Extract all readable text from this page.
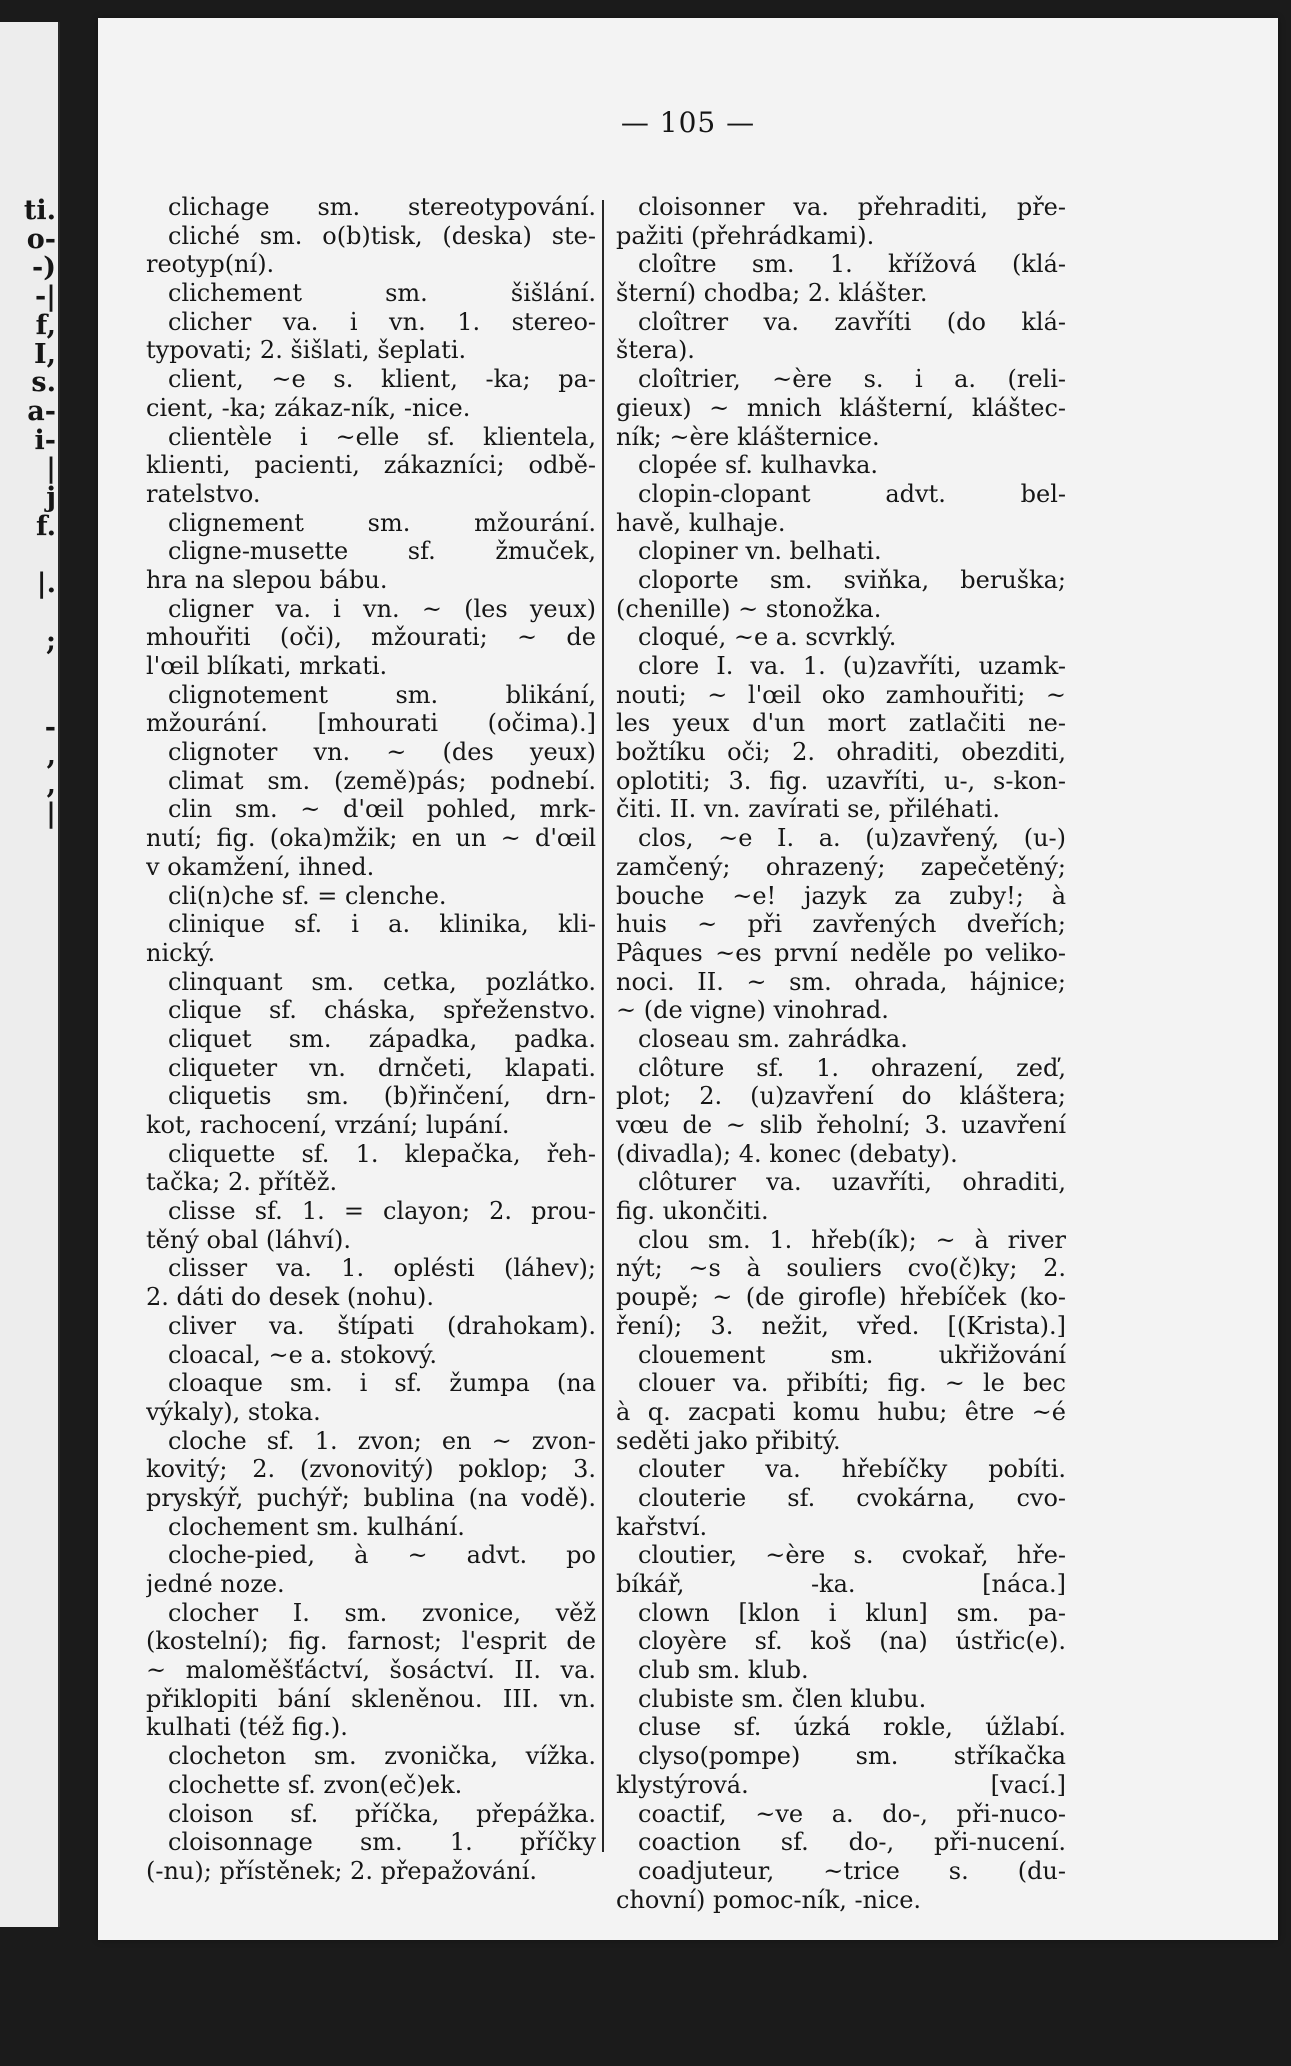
ti.
o-
-)
-|
f,
I,
s.
a-
i-
|
j
f.
|.
;
-
,
,
|
— 105 —
clichage sm. stereotypování.
cliché sm. o(b)tisk, (deska) ste-
reotyp(ní).
clichement sm. šišlání.
clicher va. i vn. 1. stereo-
typovati; 2. šišlati, šeplati.
client, ~e s. klient, -ka; pa-
cient, -ka; zákaz-ník, -nice.
clientèle i ~elle sf. klientela,
klienti, pacienti, zákazníci; odbě-
ratelstvo.
clignement sm. mžourání.
cligne-musette sf. žmuček,
hra na slepou bábu.
cligner va. i vn. ~ (les yeux)
mhouřiti (oči), mžourati; ~ de
l'œil blíkati, mrkati.
clignotement sm. blikání,
mžourání. [mhourati (očima).]
clignoter vn. ~ (des yeux)
climat sm. (země)pás; podnebí.
clin sm. ~ d'œil pohled, mrk-
nutí; fig. (oka)mžik; en un ~ d'œil
v okamžení, ihned.
cli(n)che sf. = clenche.
clinique sf. i a. klinika, kli-
nický.
clinquant sm. cetka, pozlátko.
clique sf. cháska, spřeženstvo.
cliquet sm. západka, padka.
cliqueter vn. drnčeti, klapati.
cliquetis sm. (b)řinčení, drn-
kot, rachocení, vrzání; lupání.
cliquette sf. 1. klepačka, řeh-
tačka; 2. přítěž.
clisse sf. 1. = clayon; 2. prou-
těný obal (láhví).
clisser va. 1. oplésti (láhev);
2. dáti do desek (nohu).
cliver va. štípati (drahokam).
cloacal, ~e a. stokový.
cloaque sm. i sf. žumpa (na
výkaly), stoka.
cloche sf. 1. zvon; en ~ zvon-
kovitý; 2. (zvonovitý) poklop; 3.
pryskýř, puchýř; bublina (na vodě).
clochement sm. kulhání.
cloche-pied, à ~ advt. po
jedné noze.
clocher I. sm. zvonice, věž
(kostelní); fig. farnost; l'esprit de
~ maloměšťáctví, šosáctví. II. va.
přiklopiti bání skleněnou. III. vn.
kulhati (též fig.).
clocheton sm. zvonička, vížka.
clochette sf. zvon(eč)ek.
cloison sf. příčka, přepážka.
cloisonnage sm. 1. příčky
(-nu); přístěnek; 2. přepažování.
cloisonner va. přehraditi, pře-
pažiti (přehrádkami).
cloître sm. 1. křížová (klá-
šterní) chodba; 2. klášter.
cloîtrer va. zavříti (do klá-
štera).
cloîtrier, ~ère s. i a. (reli-
gieux) ~ mnich klášterní, kláštec-
ník; ~ère klášternice.
clopée sf. kulhavka.
clopin-clopant advt. bel-
havě, kulhaje.
clopiner vn. belhati.
cloporte sm. sviňka, beruška;
(chenille) ~ stonožka.
cloqué, ~e a. scvrklý.
clore I. va. 1. (u)zavříti, uzamk-
nouti; ~ l'œil oko zamhouřiti; ~
les yeux d'un mort zatlačiti ne-
božtíku oči; 2. ohraditi, obezditi,
oplotiti; 3. fig. uzavříti, u-, s-kon-
čiti. II. vn. zavírati se, přiléhati.
clos, ~e I. a. (u)zavřený, (u-)
zamčený; ohrazený; zapečetěný;
bouche ~e! jazyk za zuby!; à
huis ~ při zavřených dveřích;
Pâques ~es první neděle po veliko-
noci. II. ~ sm. ohrada, hájnice;
~ (de vigne) vinohrad.
closeau sm. zahrádka.
clôture sf. 1. ohrazení, zeď,
plot; 2. (u)zavření do kláštera;
vœu de ~ slib řeholní; 3. uzavření
(divadla); 4. konec (debaty).
clôturer va. uzavříti, ohraditi,
fig. ukončiti.
clou sm. 1. hřeb(ík); ~ à river
nýt; ~s à souliers cvo(č)ky; 2.
poupě; ~ (de girofle) hřebíček (ko-
ření); 3. nežit, vřed. [(Krista).]
clouement sm. ukřižování
clouer va. přibíti; fig. ~ le bec
à q. zacpati komu hubu; être ~é
seděti jako přibitý.
clouter va. hřebíčky pobíti.
clouterie sf. cvokárna, cvo-
kařství.
cloutier, ~ère s. cvokař, hře-
bíkář, -ka. [náca.]
clown [klon i klun] sm. pa-
cloyère sf. koš (na) ústřic(e).
club sm. klub.
clubiste sm. člen klubu.
cluse sf. úzká rokle, úžlabí.
clyso(pompe) sm. stříkačka
klystýrová. [vací.]
coactif, ~ve a. do-, při-nuco-
coaction sf. do-, při-nucení.
coadjuteur, ~trice s. (du-
chovní) pomoc-ník, -nice.
